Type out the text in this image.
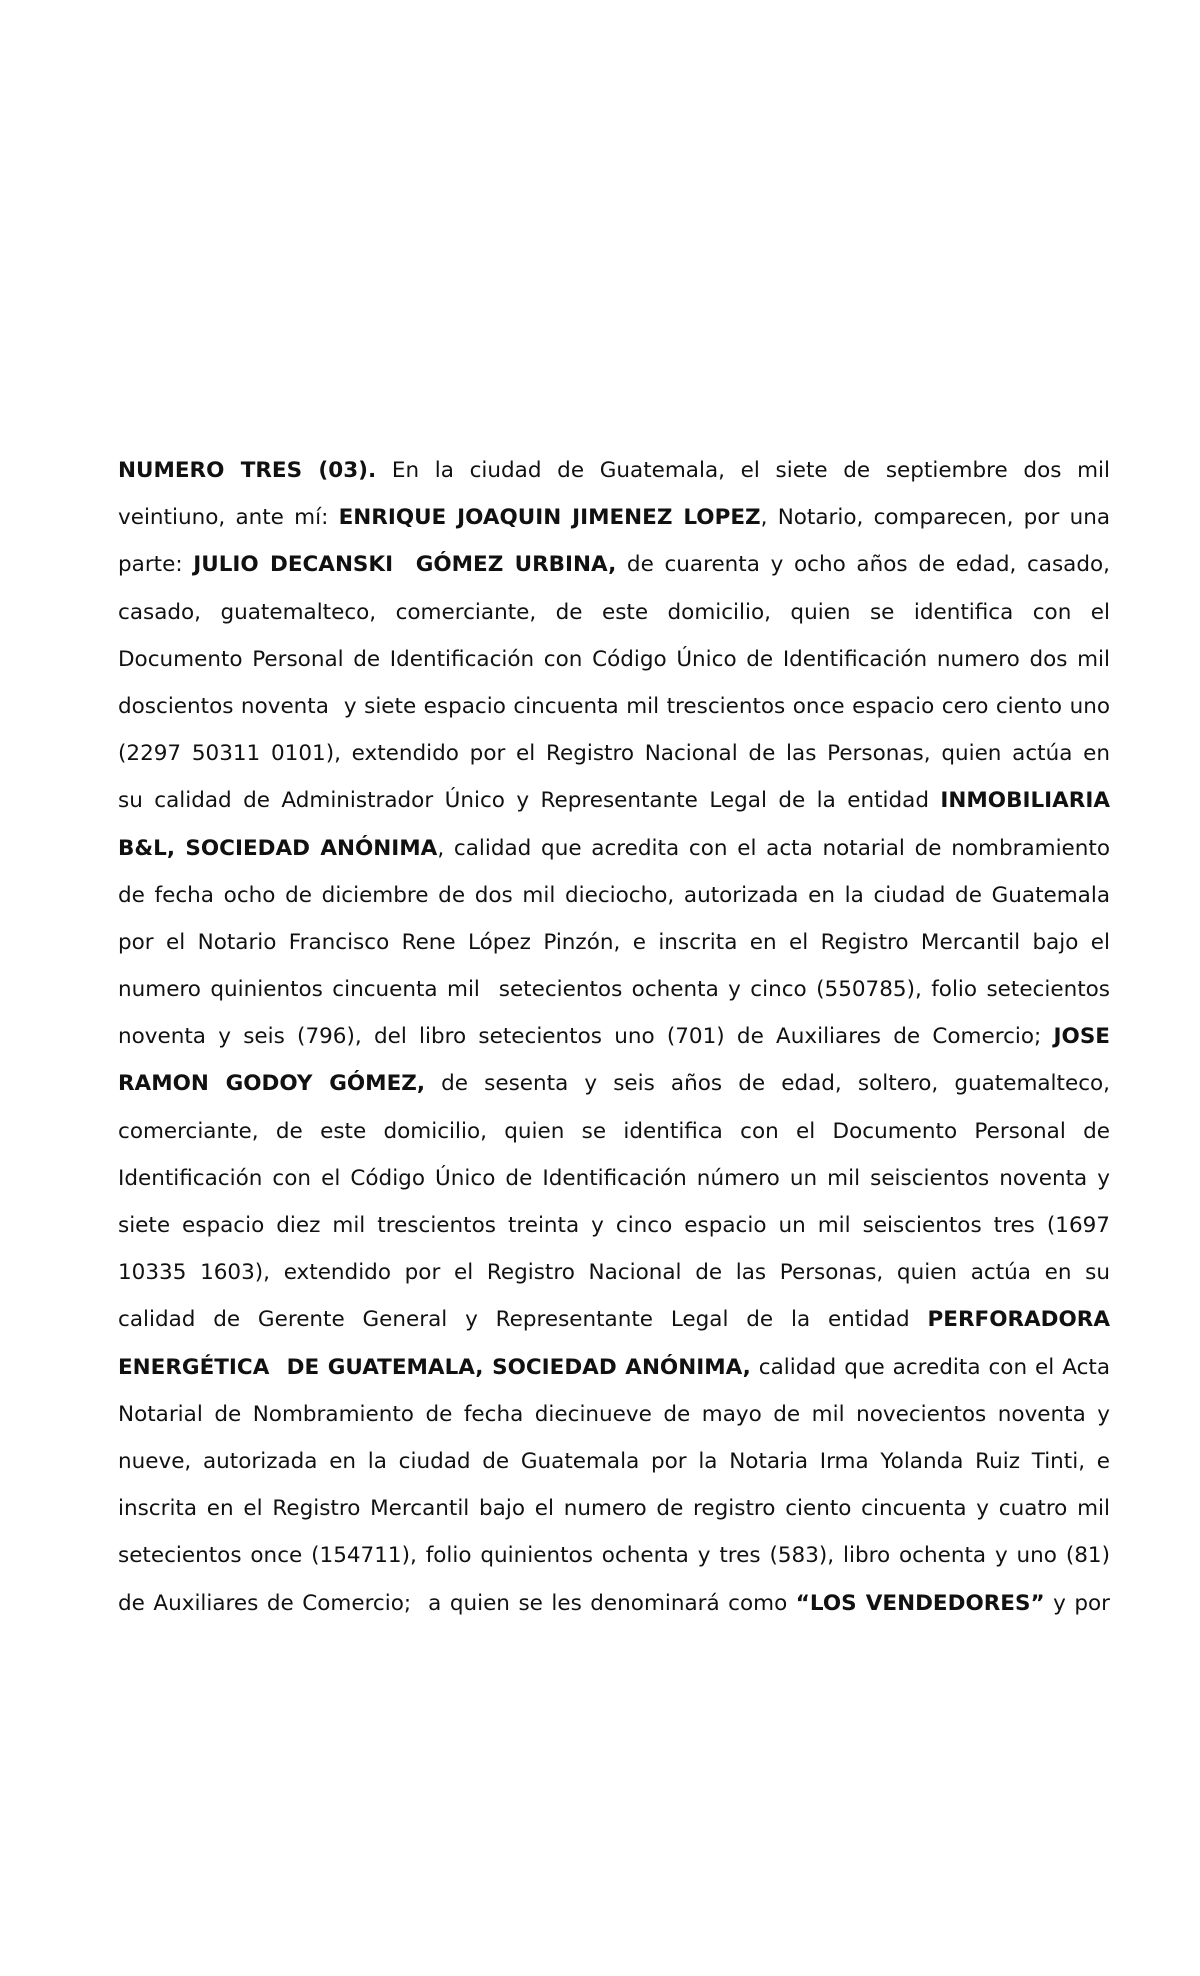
NUMERO TRES (03). En la ciudad de Guatemala, el siete de septiembre dos mil
veintiuno, ante mí: ENRIQUE JOAQUIN JIMENEZ LOPEZ, Notario, comparecen, por una
parte: JULIO DECANSKI  GÓMEZ URBINA, de cuarenta y ocho años de edad, casado,
casado, guatemalteco, comerciante, de este domicilio, quien se identifica con el
Documento Personal de Identificación con Código Único de Identificación numero dos mil
doscientos noventa  y siete espacio cincuenta mil trescientos once espacio cero ciento uno
(2297 50311 0101), extendido por el Registro Nacional de las Personas, quien actúa en
su calidad de Administrador Único y Representante Legal de la entidad INMOBILIARIA
B&L, SOCIEDAD ANÓNIMA, calidad que acredita con el acta notarial de nombramiento
de fecha ocho de diciembre de dos mil dieciocho, autorizada en la ciudad de Guatemala
por el Notario Francisco Rene López Pinzón, e inscrita en el Registro Mercantil bajo el
numero quinientos cincuenta mil  setecientos ochenta y cinco (550785), folio setecientos
noventa y seis (796), del libro setecientos uno (701) de Auxiliares de Comercio; JOSE
RAMON GODOY GÓMEZ, de sesenta y seis años de edad, soltero, guatemalteco,
comerciante, de este domicilio, quien se identifica con el Documento Personal de
Identificación con el Código Único de Identificación número un mil seiscientos noventa y
siete espacio diez mil trescientos treinta y cinco espacio un mil seiscientos tres (1697
10335 1603), extendido por el Registro Nacional de las Personas, quien actúa en su
calidad de Gerente General y Representante Legal de la entidad PERFORADORA
ENERGÉTICA  DE GUATEMALA, SOCIEDAD ANÓNIMA, calidad que acredita con el Acta
Notarial de Nombramiento de fecha diecinueve de mayo de mil novecientos noventa y
nueve, autorizada en la ciudad de Guatemala por la Notaria Irma Yolanda Ruiz Tinti, e
inscrita en el Registro Mercantil bajo el numero de registro ciento cincuenta y cuatro mil
setecientos once (154711), folio quinientos ochenta y tres (583), libro ochenta y uno (81)
de Auxiliares de Comercio;  a quien se les denominará como “LOS VENDEDORES” y por
